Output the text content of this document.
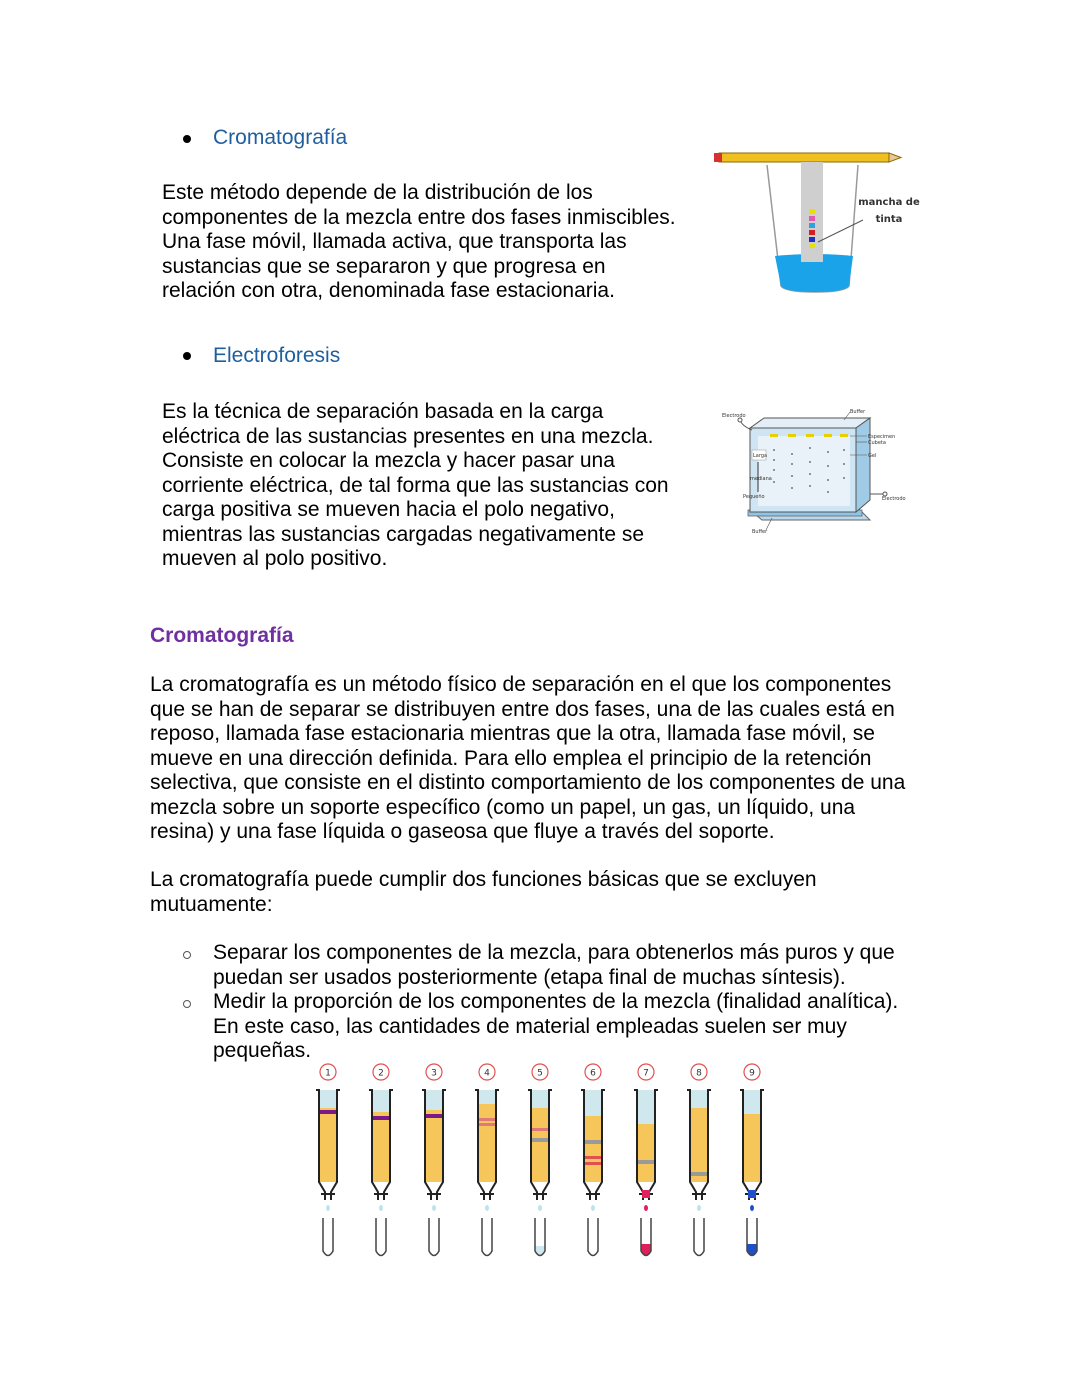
Cromatografía
Este método depende de la distribución de los
componentes de la mezcla entre dos fases inmiscibles.
Una fase móvil, llamada activa, que transporta las
sustancias que se separaron y que progresa en
relación con otra, denominada fase estacionaria.
mancha de
tinta
Electroforesis
Es la técnica de separación basada en la carga
eléctrica de las sustancias presentes en una mezcla.
Consiste en colocar la mezcla y hacer pasar una
corriente eléctrica, de tal forma que las sustancias con
carga positiva se mueven hacia el polo negativo,
mientras las sustancias cargadas negativamente se
mueven al polo positivo.
Larga
mediana
Pequeño
Electrodo
Buffer
Especimen
Cubeta
Gel
Electrodo
Buffer
Cromatografía
La cromatografía es un método físico de separación en el que los componentes
que se han de separar se distribuyen entre dos fases, una de las cuales está en
reposo, llamada fase estacionaria mientras que la otra, llamada fase móvil, se
mueve en una dirección definida. Para ello emplea el principio de la retención
selectiva, que consiste en el distinto comportamiento de los componentes de una
mezcla sobre un soporte específico (como un papel, un gas, un líquido, una
resina) y una fase líquida o gaseosa que fluye a través del soporte.
La cromatografía puede cumplir dos funciones básicas que se excluyen
mutuamente:
Separar los componentes de la mezcla, para obtenerlos más puros y que
puedan ser usados posteriormente (etapa final de muchas síntesis).
Medir la proporción de los componentes de la mezcla (finalidad analítica).
En este caso, las cantidades de material empleadas suelen ser muy
pequeñas.
1	2	3	4	5	6	7	8	9
